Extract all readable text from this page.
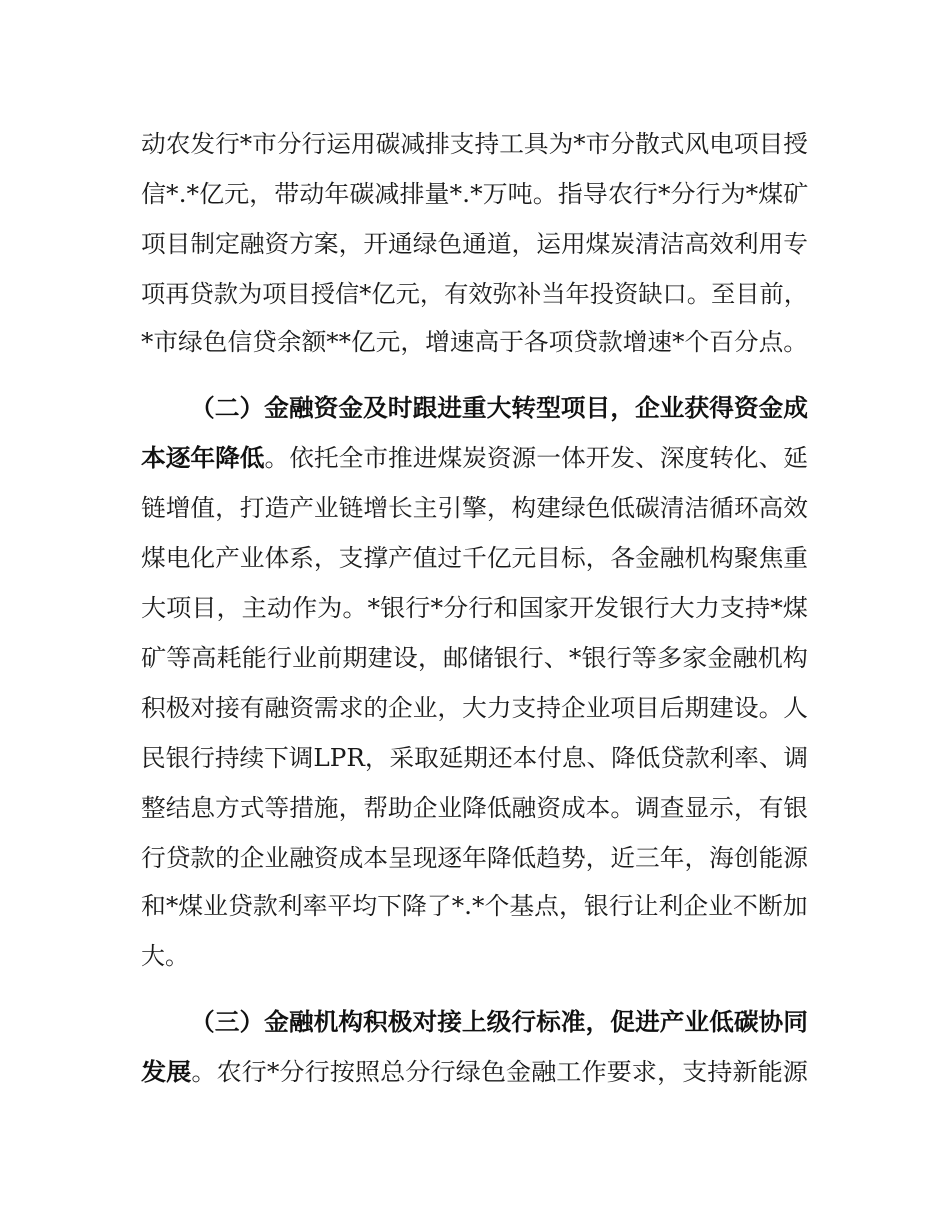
动农发行*市分行运用碳减排支持工具为*市分散式风电项目授
信*.*亿元，带动年碳减排量*.*万吨。指导农行*分行为*煤矿
项目制定融资方案，开通绿色通道，运用煤炭清洁高效利用专
项再贷款为项目授信*亿元，有效弥补当年投资缺口。至目前，
*市绿色信贷余额**亿元，增速高于各项贷款增速*个百分点。
（二）金融资金及时跟进重大转型项目，企业获得资金成
本逐年降低。依托全市推进煤炭资源一体开发、深度转化、延
链增值，打造产业链增长主引擎，构建绿色低碳清洁循环高效
煤电化产业体系，支撑产值过千亿元目标，各金融机构聚焦重
大项目，主动作为。*银行*分行和国家开发银行大力支持*煤
矿等高耗能行业前期建设，邮储银行、*银行等多家金融机构
积极对接有融资需求的企业，大力支持企业项目后期建设。人
民银行持续下调LPR，采取延期还本付息、降低贷款利率、调
整结息方式等措施，帮助企业降低融资成本。调查显示，有银
行贷款的企业融资成本呈现逐年降低趋势，近三年，海创能源
和*煤业贷款利率平均下降了*.*个基点，银行让利企业不断加
大。
（三）金融机构积极对接上级行标准，促进产业低碳协同
发展。农行*分行按照总分行绿色金融工作要求，支持新能源
